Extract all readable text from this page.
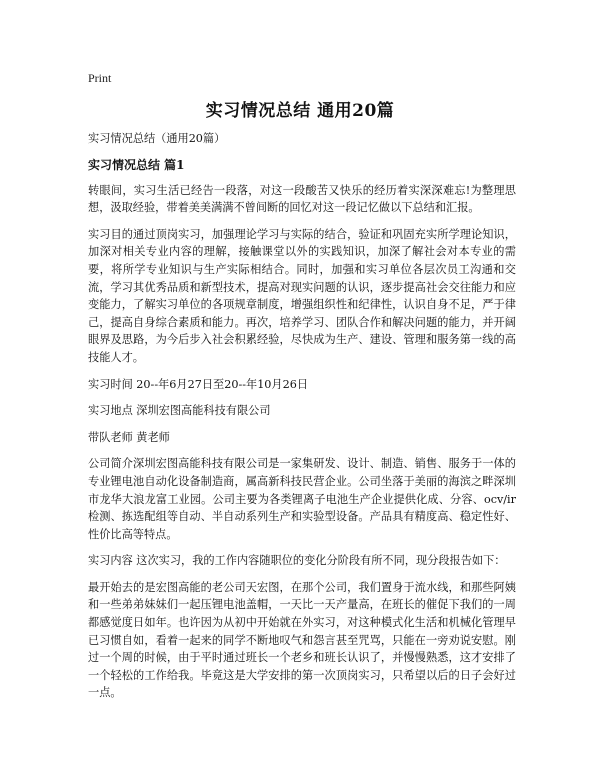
Print
实习情况总结 通用20篇

实习情况总结（通用20篇）

实习情况总结 篇1

转眼间，实习生活已经告一段落，对这一段酸苦又快乐的经历着实深深难忘!为整理思想，汲取经验，带着美美满满不曾间断的回忆对这一段记忆做以下总结和汇报。

实习目的通过顶岗实习，加强理论学习与实际的结合，验证和巩固充实所学理论知识，加深对相关专业内容的理解，接触课堂以外的实践知识，加深了解社会对本专业的需要，将所学专业知识与生产实际相结合。同时，加强和实习单位各层次员工沟通和交流，学习其优秀品质和新型技术，提高对现实问题的认识，逐步提高社会交往能力和应变能力，了解实习单位的各项规章制度，增强组织性和纪律性，认识自身不足，严于律己，提高自身综合素质和能力。再次，培养学习、团队合作和解决问题的能力，并开阔眼界及思路，为今后步入社会积累经验，尽快成为生产、建设、管理和服务第一线的高技能人才。

实习时间 20--年6月27日至20--年10月26日

实习地点 深圳宏图高能科技有限公司

带队老师 黄老师

公司简介深圳宏图高能科技有限公司是一家集研发、设计、制造、销售、服务于一体的专业锂电池自动化设备制造商，属高新科技民营企业。公司坐落于美丽的海滨之畔深圳市龙华大浪龙富工业园。公司主要为各类锂离子电池生产企业提供化成、分容、ocv/ir检测、拣选配组等自动、半自动系列生产和实验型设备。产品具有精度高、稳定性好、性价比高等特点。

实习内容 这次实习，我的工作内容随职位的变化分阶段有所不同，现分段报告如下：

最开始去的是宏图高能的老公司天宏图，在那个公司，我们置身于流水线，和那些阿姨和一些弟弟妹妹们一起压锂电池盖帽，一天比一天产量高，在班长的催促下我们的一周都感觉度日如年。也许因为从初中开始就在外实习，对这种模式化生活和机械化管理早已习惯自如，看着一起来的同学不断地叹气和怨言甚至咒骂，只能在一旁劝说安慰。刚过一个周的时候，由于平时通过班长一个老乡和班长认识了，并慢慢熟悉，这才安排了一个轻松的工作给我。毕竟这是大学安排的第一次顶岗实习，只希望以后的日子会好过一点。
